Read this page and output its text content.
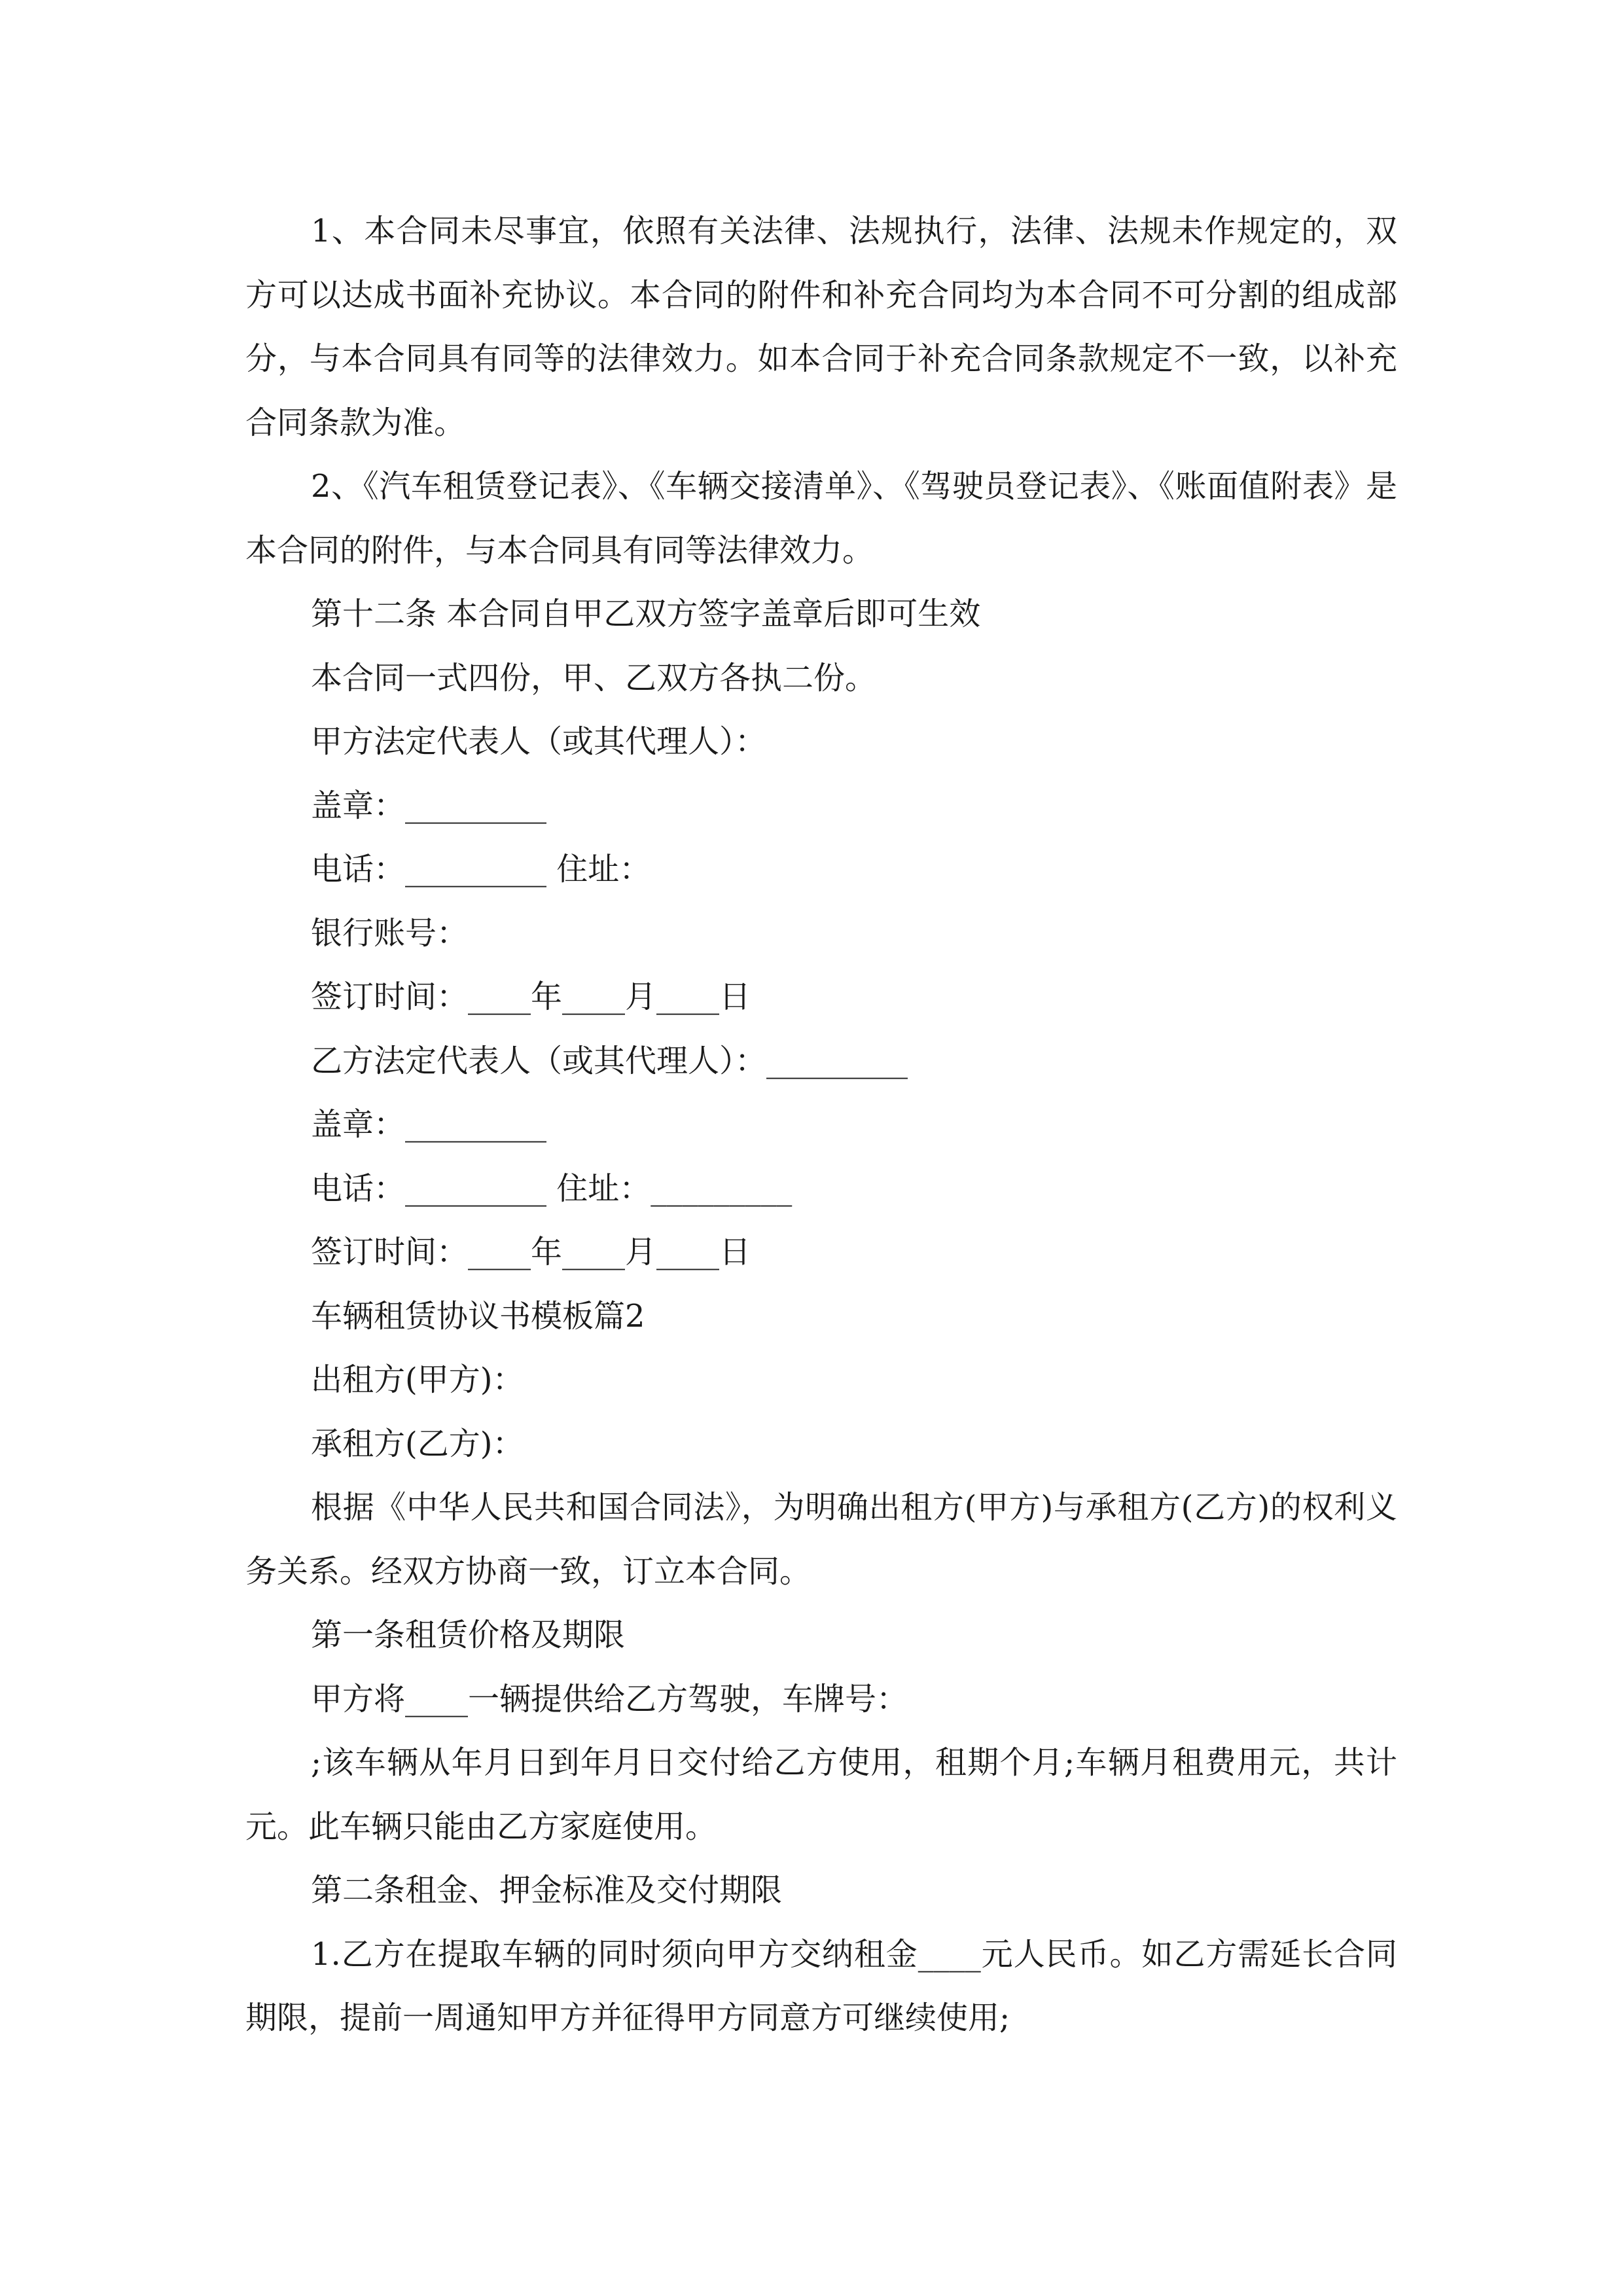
1、本合同未尽事宜，依照有关法律、法规执行，法律、法规未作规定的，双方可以达成书面补充协议。本合同的附件和补充合同均为本合同不可分割的组成部分，与本合同具有同等的法律效力。如本合同于补充合同条款规定不一致，以补充合同条款为准。

2、《汽车租赁登记表》、《车辆交接清单》、《驾驶员登记表》、《账面值附表》是本合同的附件，与本合同具有同等法律效力。

第十二条 本合同自甲乙双方签字盖章后即可生效

本合同一式四份，甲、乙双方各执二份。

甲方法定代表人（或其代理人）：

盖章：_________

电话：_________ 住址：

银行账号：

签订时间：____年____月____日

乙方法定代表人（或其代理人）：_________

盖章：_________

电话：_________ 住址：_________

签订时间：____年____月____日

车辆租赁协议书模板篇2

出租方(甲方)：

承租方(乙方)：

根据《中华人民共和国合同法》，为明确出租方(甲方)与承租方(乙方)的权利义务关系。经双方协商一致，订立本合同。

第一条租赁价格及期限

甲方将____一辆提供给乙方驾驶，车牌号：

;该车辆从年月日到年月日交付给乙方使用，租期个月;车辆月租费用元，共计元。此车辆只能由乙方家庭使用。

第二条租金、押金标准及交付期限

1.乙方在提取车辆的同时须向甲方交纳租金____元人民币。如乙方需延长合同期限，提前一周通知甲方并征得甲方同意方可继续使用;
